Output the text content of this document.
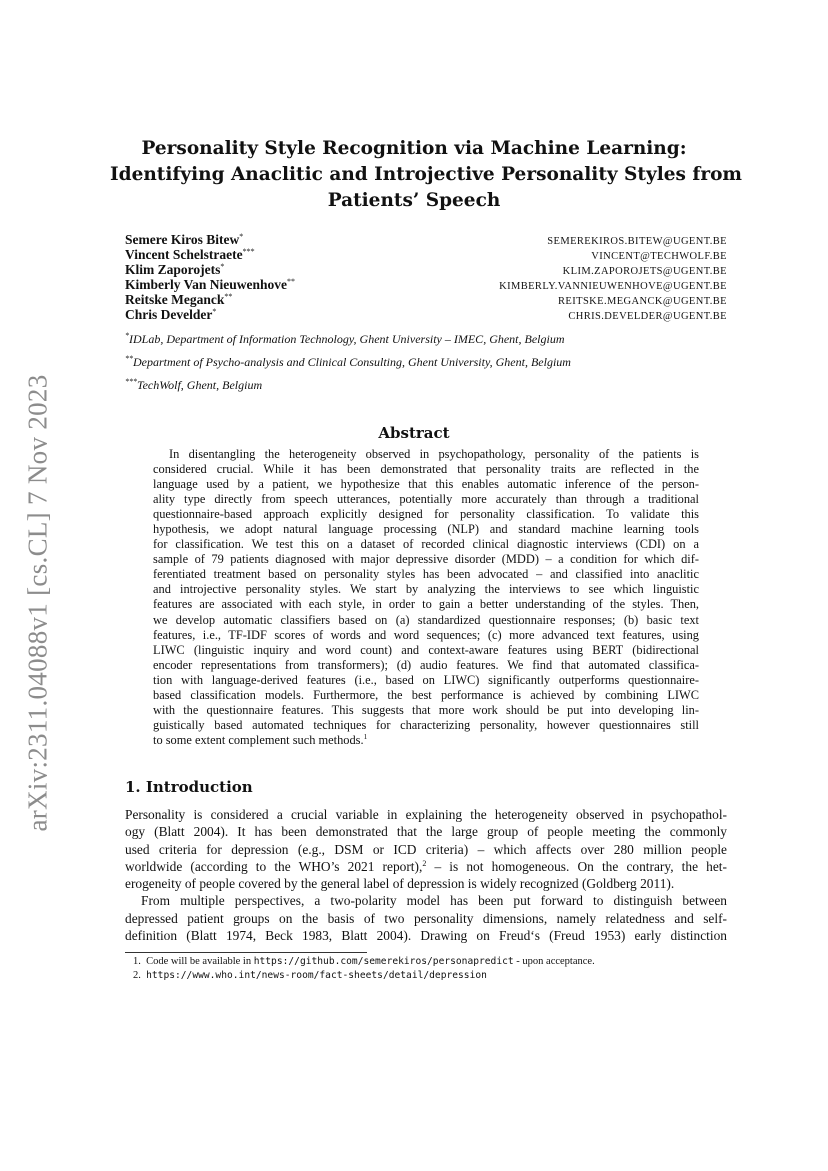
arXiv:2311.04088v1 [cs.CL] 7 Nov 2023
Personality Style Recognition via Machine Learning:
Identifying Anaclitic and Introjective Personality Styles from
Patients’ Speech
Semere Kiros Bitew*	SEMEREKIROS.BITEW@UGENT.BE
Vincent Schelstraete***	VINCENT@TECHWOLF.BE
Klim Zaporojets*	KLIM.ZAPOROJETS@UGENT.BE
Kimberly Van Nieuwenhove**	KIMBERLY.VANNIEUWENHOVE@UGENT.BE
Reitske Meganck**	REITSKE.MEGANCK@UGENT.BE
Chris Develder*	CHRIS.DEVELDER@UGENT.BE
*IDLab, Department of Information Technology, Ghent University – IMEC, Ghent, Belgium
**Department of Psycho-analysis and Clinical Consulting, Ghent University, Ghent, Belgium
***TechWolf, Ghent, Belgium
Abstract
In disentangling the heterogeneity observed in psychopathology, personality of the patients is
considered crucial. While it has been demonstrated that personality traits are reflected in the
language used by a patient, we hypothesize that this enables automatic inference of the person-
ality type directly from speech utterances, potentially more accurately than through a traditional
questionnaire-based approach explicitly designed for personality classification. To validate this
hypothesis, we adopt natural language processing (NLP) and standard machine learning tools
for classification. We test this on a dataset of recorded clinical diagnostic interviews (CDI) on a
sample of 79 patients diagnosed with major depressive disorder (MDD) – a condition for which dif-
ferentiated treatment based on personality styles has been advocated – and classified into anaclitic
and introjective personality styles. We start by analyzing the interviews to see which linguistic
features are associated with each style, in order to gain a better understanding of the styles. Then,
we develop automatic classifiers based on (a) standardized questionnaire responses; (b) basic text
features, i.e., TF-IDF scores of words and word sequences; (c) more advanced text features, using
LIWC (linguistic inquiry and word count) and context-aware features using BERT (bidirectional
encoder representations from transformers); (d) audio features. We find that automated classifica-
tion with language-derived features (i.e., based on LIWC) significantly outperforms questionnaire-
based classification models. Furthermore, the best performance is achieved by combining LIWC
with the questionnaire features. This suggests that more work should be put into developing lin-
guistically based automated techniques for characterizing personality, however questionnaires still
to some extent complement such methods.$^1$
1. Introduction
Personality is considered a crucial variable in explaining the heterogeneity observed in psychopathol-
ogy (Blatt 2004). It has been demonstrated that the large group of people meeting the commonly
used criteria for depression (e.g., DSM or ICD criteria) – which affects over 280 million people
worldwide (according to the WHO’s 2021 report),$^2$ – is not homogeneous. On the contrary, the het-
erogeneity of people covered by the general label of depression is widely recognized (Goldberg 2011).
From multiple perspectives, a two-polarity model has been put forward to distinguish between
depressed patient groups on the basis of two personality dimensions, namely relatedness and self-
definition (Blatt 1974, Beck 1983, Blatt 2004). Drawing on Freud‘s (Freud 1953) early distinction
1. Code will be available in https://github.com/semerekiros/personapredict - upon acceptance.
2. https://www.who.int/news-room/fact-sheets/detail/depression
